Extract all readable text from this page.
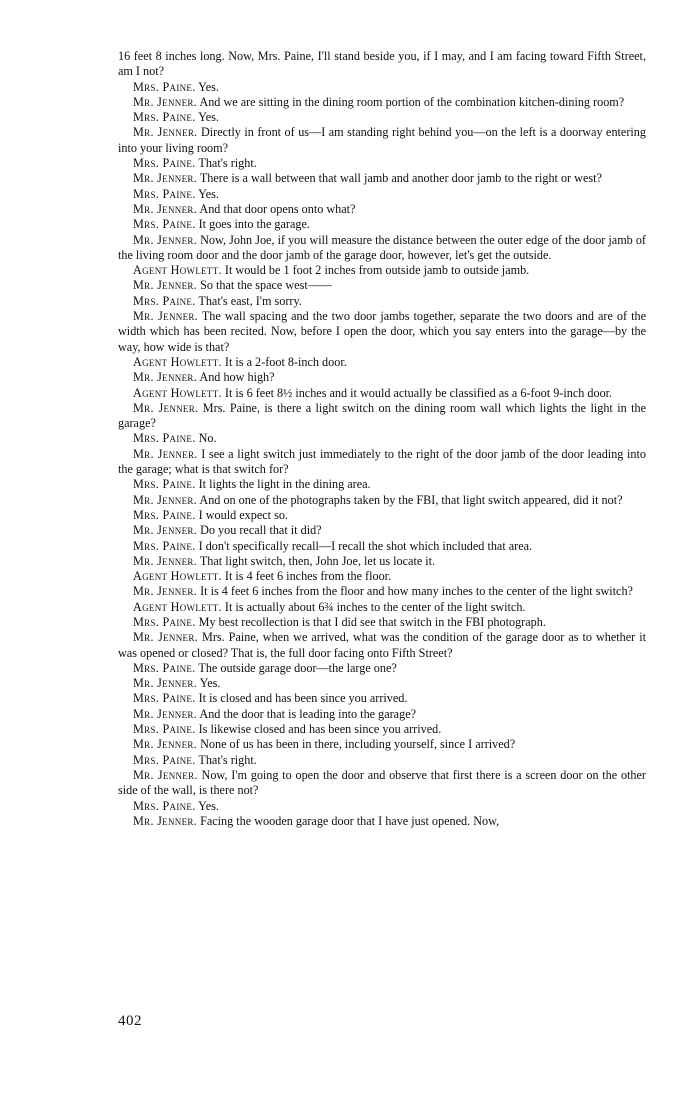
16 feet 8 inches long. Now, Mrs. Paine, I'll stand beside you, if I may, and I am facing toward Fifth Street, am I not?

Mrs. Paine. Yes.

Mr. Jenner. And we are sitting in the dining room portion of the combination kitchen-dining room?

Mrs. Paine. Yes.

Mr. Jenner. Directly in front of us—I am standing right behind you—on the left is a doorway entering into your living room?

Mrs. Paine. That's right.

Mr. Jenner. There is a wall between that wall jamb and another door jamb to the right or west?

Mrs. Paine. Yes.

Mr. Jenner. And that door opens onto what?

Mrs. Paine. It goes into the garage.

Mr. Jenner. Now, John Joe, if you will measure the distance between the outer edge of the door jamb of the living room door and the door jamb of the garage door, however, let's get the outside.

Agent Howlett. It would be 1 foot 2 inches from outside jamb to outside jamb.

Mr. Jenner. So that the space west——

Mrs. Paine. That's east, I'm sorry.

Mr. Jenner. The wall spacing and the two door jambs together, separate the two doors and are of the width which has been recited. Now, before I open the door, which you say enters into the garage—by the way, how wide is that?

Agent Howlett. It is a 2-foot 8-inch door.

Mr. Jenner. And how high?

Agent Howlett. It is 6 feet 8½ inches and it would actually be classified as a 6-foot 9-inch door.

Mr. Jenner. Mrs. Paine, is there a light switch on the dining room wall which lights the light in the garage?

Mrs. Paine. No.

Mr. Jenner. I see a light switch just immediately to the right of the door jamb of the door leading into the garage; what is that switch for?

Mrs. Paine. It lights the light in the dining area.

Mr. Jenner. And on one of the photographs taken by the FBI, that light switch appeared, did it not?

Mrs. Paine. I would expect so.

Mr. Jenner. Do you recall that it did?

Mrs. Paine. I don't specifically recall—I recall the shot which included that area.

Mr. Jenner. That light switch, then, John Joe, let us locate it.

Agent Howlett. It is 4 feet 6 inches from the floor.

Mr. Jenner. It is 4 feet 6 inches from the floor and how many inches to the center of the light switch?

Agent Howlett. It is actually about 6¾ inches to the center of the light switch.

Mrs. Paine. My best recollection is that I did see that switch in the FBI photograph.

Mr. Jenner. Mrs. Paine, when we arrived, what was the condition of the garage door as to whether it was opened or closed? That is, the full door facing onto Fifth Street?

Mrs. Paine. The outside garage door—the large one?

Mr. Jenner. Yes.

Mrs. Paine. It is closed and has been since you arrived.

Mr. Jenner. And the door that is leading into the garage?

Mrs. Paine. Is likewise closed and has been since you arrived.

Mr. Jenner. None of us has been in there, including yourself, since I arrived?

Mrs. Paine. That's right.

Mr. Jenner. Now, I'm going to open the door and observe that first there is a screen door on the other side of the wall, is there not?

Mrs. Paine. Yes.

Mr. Jenner. Facing the wooden garage door that I have just opened. Now,

402
